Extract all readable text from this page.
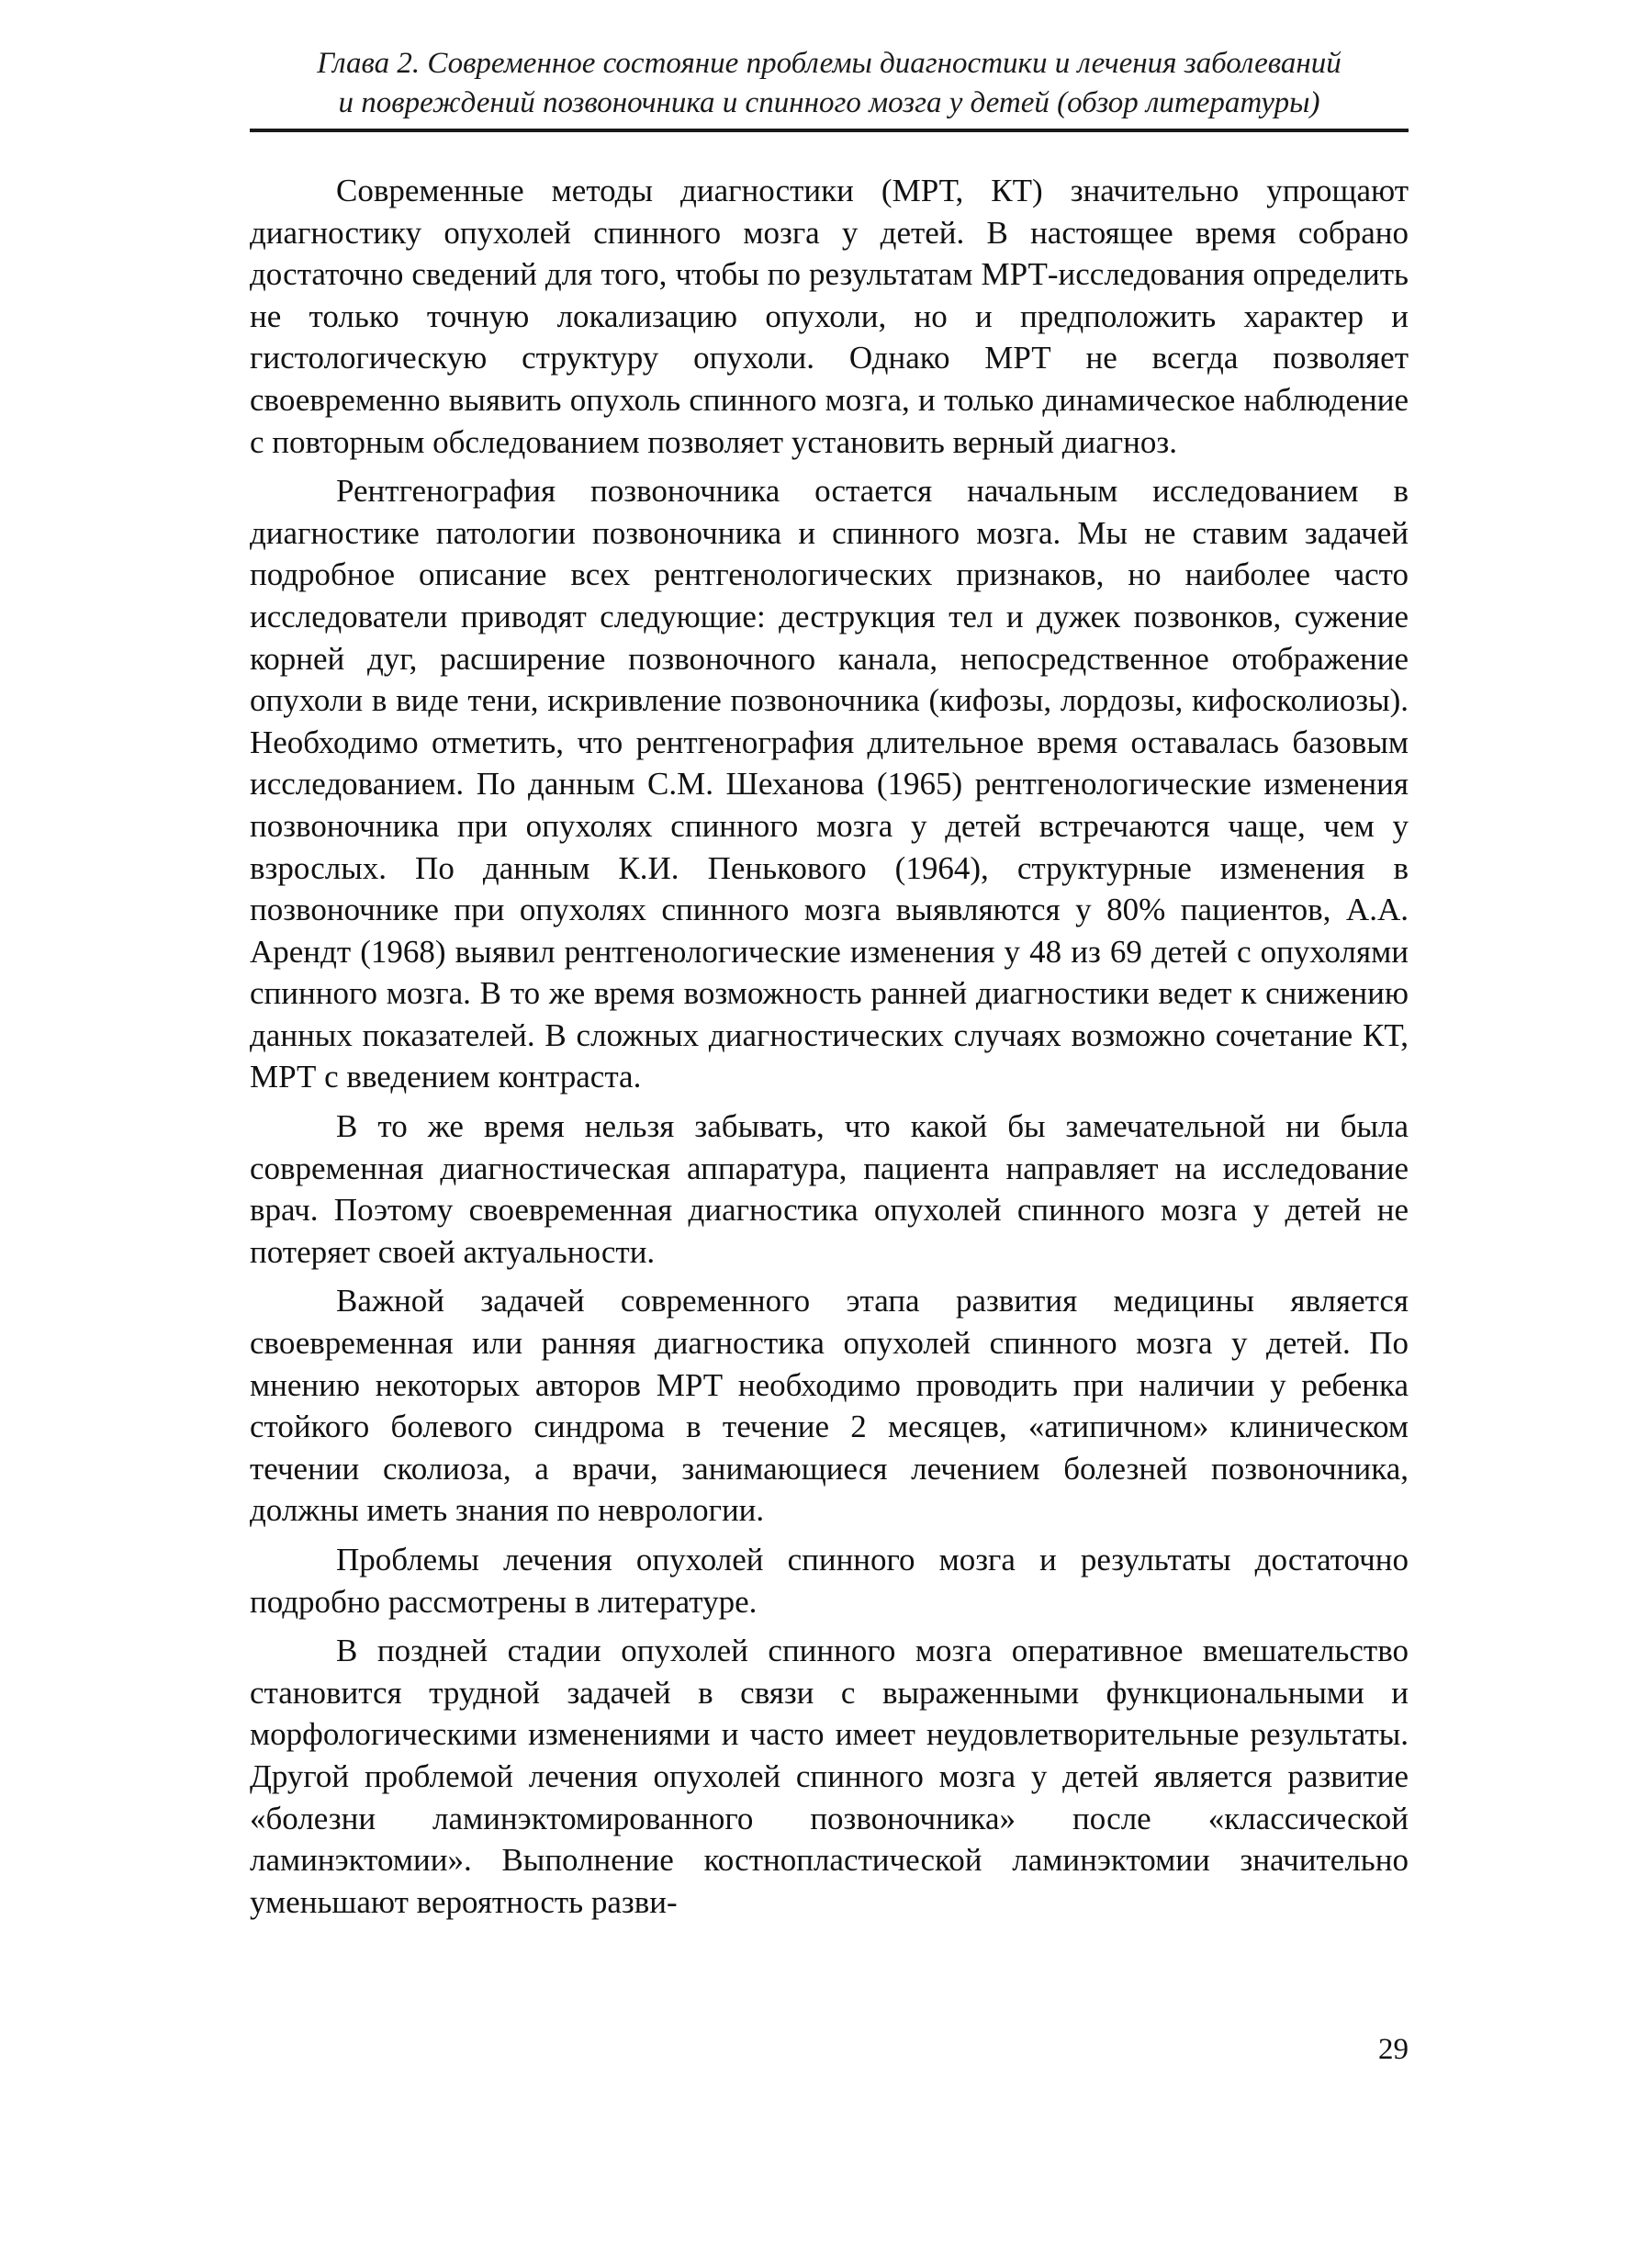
Глава 2. Современное состояние проблемы диагностики и лечения заболеваний
и повреждений позвоночника и спинного мозга у детей (обзор литературы)

Современные методы диагностики (МРТ, КТ) значительно упрощают диагностику опухолей спинного мозга у детей. В настоящее время собрано достаточно сведений для того, чтобы по результатам МРТ-исследования определить не только точную локализацию опухоли, но и предположить характер и гистологическую структуру опухоли. Однако МРТ не всегда позволяет своевременно выявить опухоль спинного мозга, и только динамическое наблюдение с повторным обследованием позволяет установить верный диагноз.

Рентгенография позвоночника остается начальным исследованием в диагностике патологии позвоночника и спинного мозга. Мы не ставим задачей подробное описание всех рентгенологических признаков, но наиболее часто исследователи приводят следующие: деструкция тел и дужек позвонков, сужение корней дуг, расширение позвоночного канала, непосредственное отображение опухоли в виде тени, искривление позвоночника (кифозы, лордозы, кифосколиозы). Необходимо отметить, что рентгенография длительное время оставалась базовым исследованием. По данным С.М. Шеханова (1965) рентгенологические изменения позвоночника при опухолях спинного мозга у детей встречаются чаще, чем у взрослых. По данным К.И. Пенькового (1964), структурные изменения в позвоночнике при опухолях спинного мозга выявляются у 80% пациентов, А.А. Арендт (1968) выявил рентгенологические изменения у 48 из 69 детей с опухолями спинного мозга. В то же время возможность ранней диагностики ведет к снижению данных показателей. В сложных диагностических случаях возможно сочетание КТ, МРТ с введением контраста.

В то же время нельзя забывать, что какой бы замечательной ни была современная диагностическая аппаратура, пациента направляет на исследование врач. Поэтому своевременная диагностика опухолей спинного мозга у детей не потеряет своей актуальности.

Важной задачей современного этапа развития медицины является своевременная или ранняя диагностика опухолей спинного мозга у детей. По мнению некоторых авторов МРТ необходимо проводить при наличии у ребенка стойкого болевого синдрома в течение 2 месяцев, «атипичном» клиническом течении сколиоза, а врачи, занимающиеся лечением болезней позвоночника, должны иметь знания по неврологии.

Проблемы лечения опухолей спинного мозга и результаты достаточно подробно рассмотрены в литературе.

В поздней стадии опухолей спинного мозга оперативное вмешательство становится трудной задачей в связи с выраженными функциональными и морфологическими изменениями и часто имеет неудовлетворительные результаты. Другой проблемой лечения опухолей спинного мозга у детей является развитие «болезни ламинэктомированного позвоночника» после «классической ламинэктомии». Выполнение костнопластической ламинэктомии значительно уменьшают вероятность разви-

29
